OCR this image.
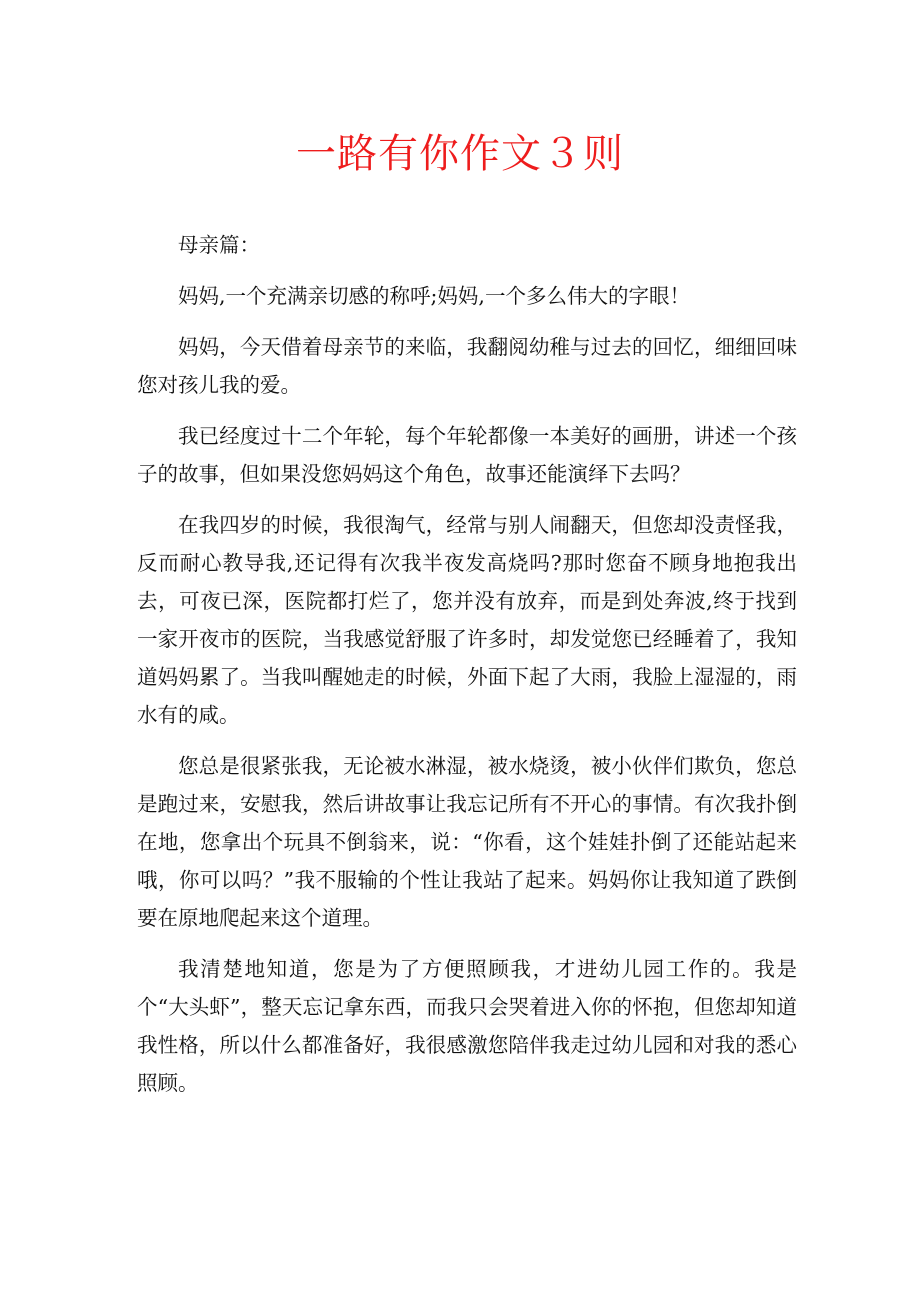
一路有你作文３则

母亲篇：

妈妈,一个充满亲切感的称呼;妈妈,一个多么伟大的字眼！

妈妈，今天借着母亲节的来临，我翻阅幼稚与过去的回忆，细细回味您对孩儿我的爱。

我已经度过十二个年轮，每个年轮都像一本美好的画册，讲述一个孩子的故事，但如果没您妈妈这个角色，故事还能演绎下去吗？

在我四岁的时候，我很淘气，经常与别人闹翻天，但您却没责怪我，反而耐心教导我,还记得有次我半夜发高烧吗?那时您奋不顾身地抱我出去，可夜已深，医院都打烂了，您并没有放弃，而是到处奔波,终于找到一家开夜市的医院，当我感觉舒服了许多时，却发觉您已经睡着了，我知道妈妈累了。当我叫醒她走的时候，外面下起了大雨，我脸上湿湿的，雨水有的咸。

您总是很紧张我，无论被水淋湿，被水烧烫，被小伙伴们欺负，您总是跑过来，安慰我，然后讲故事让我忘记所有不开心的事情。有次我扑倒在地，您拿出个玩具不倒翁来，说：“你看，这个娃娃扑倒了还能站起来哦，你可以吗？”我不服输的个性让我站了起来。妈妈你让我知道了跌倒要在原地爬起来这个道理。

我清楚地知道，您是为了方便照顾我，才进幼儿园工作的。我是个“大头虾”，整天忘记拿东西，而我只会哭着进入你的怀抱，但您却知道我性格，所以什么都准备好，我很感激您陪伴我走过幼儿园和对我的悉心照顾。
